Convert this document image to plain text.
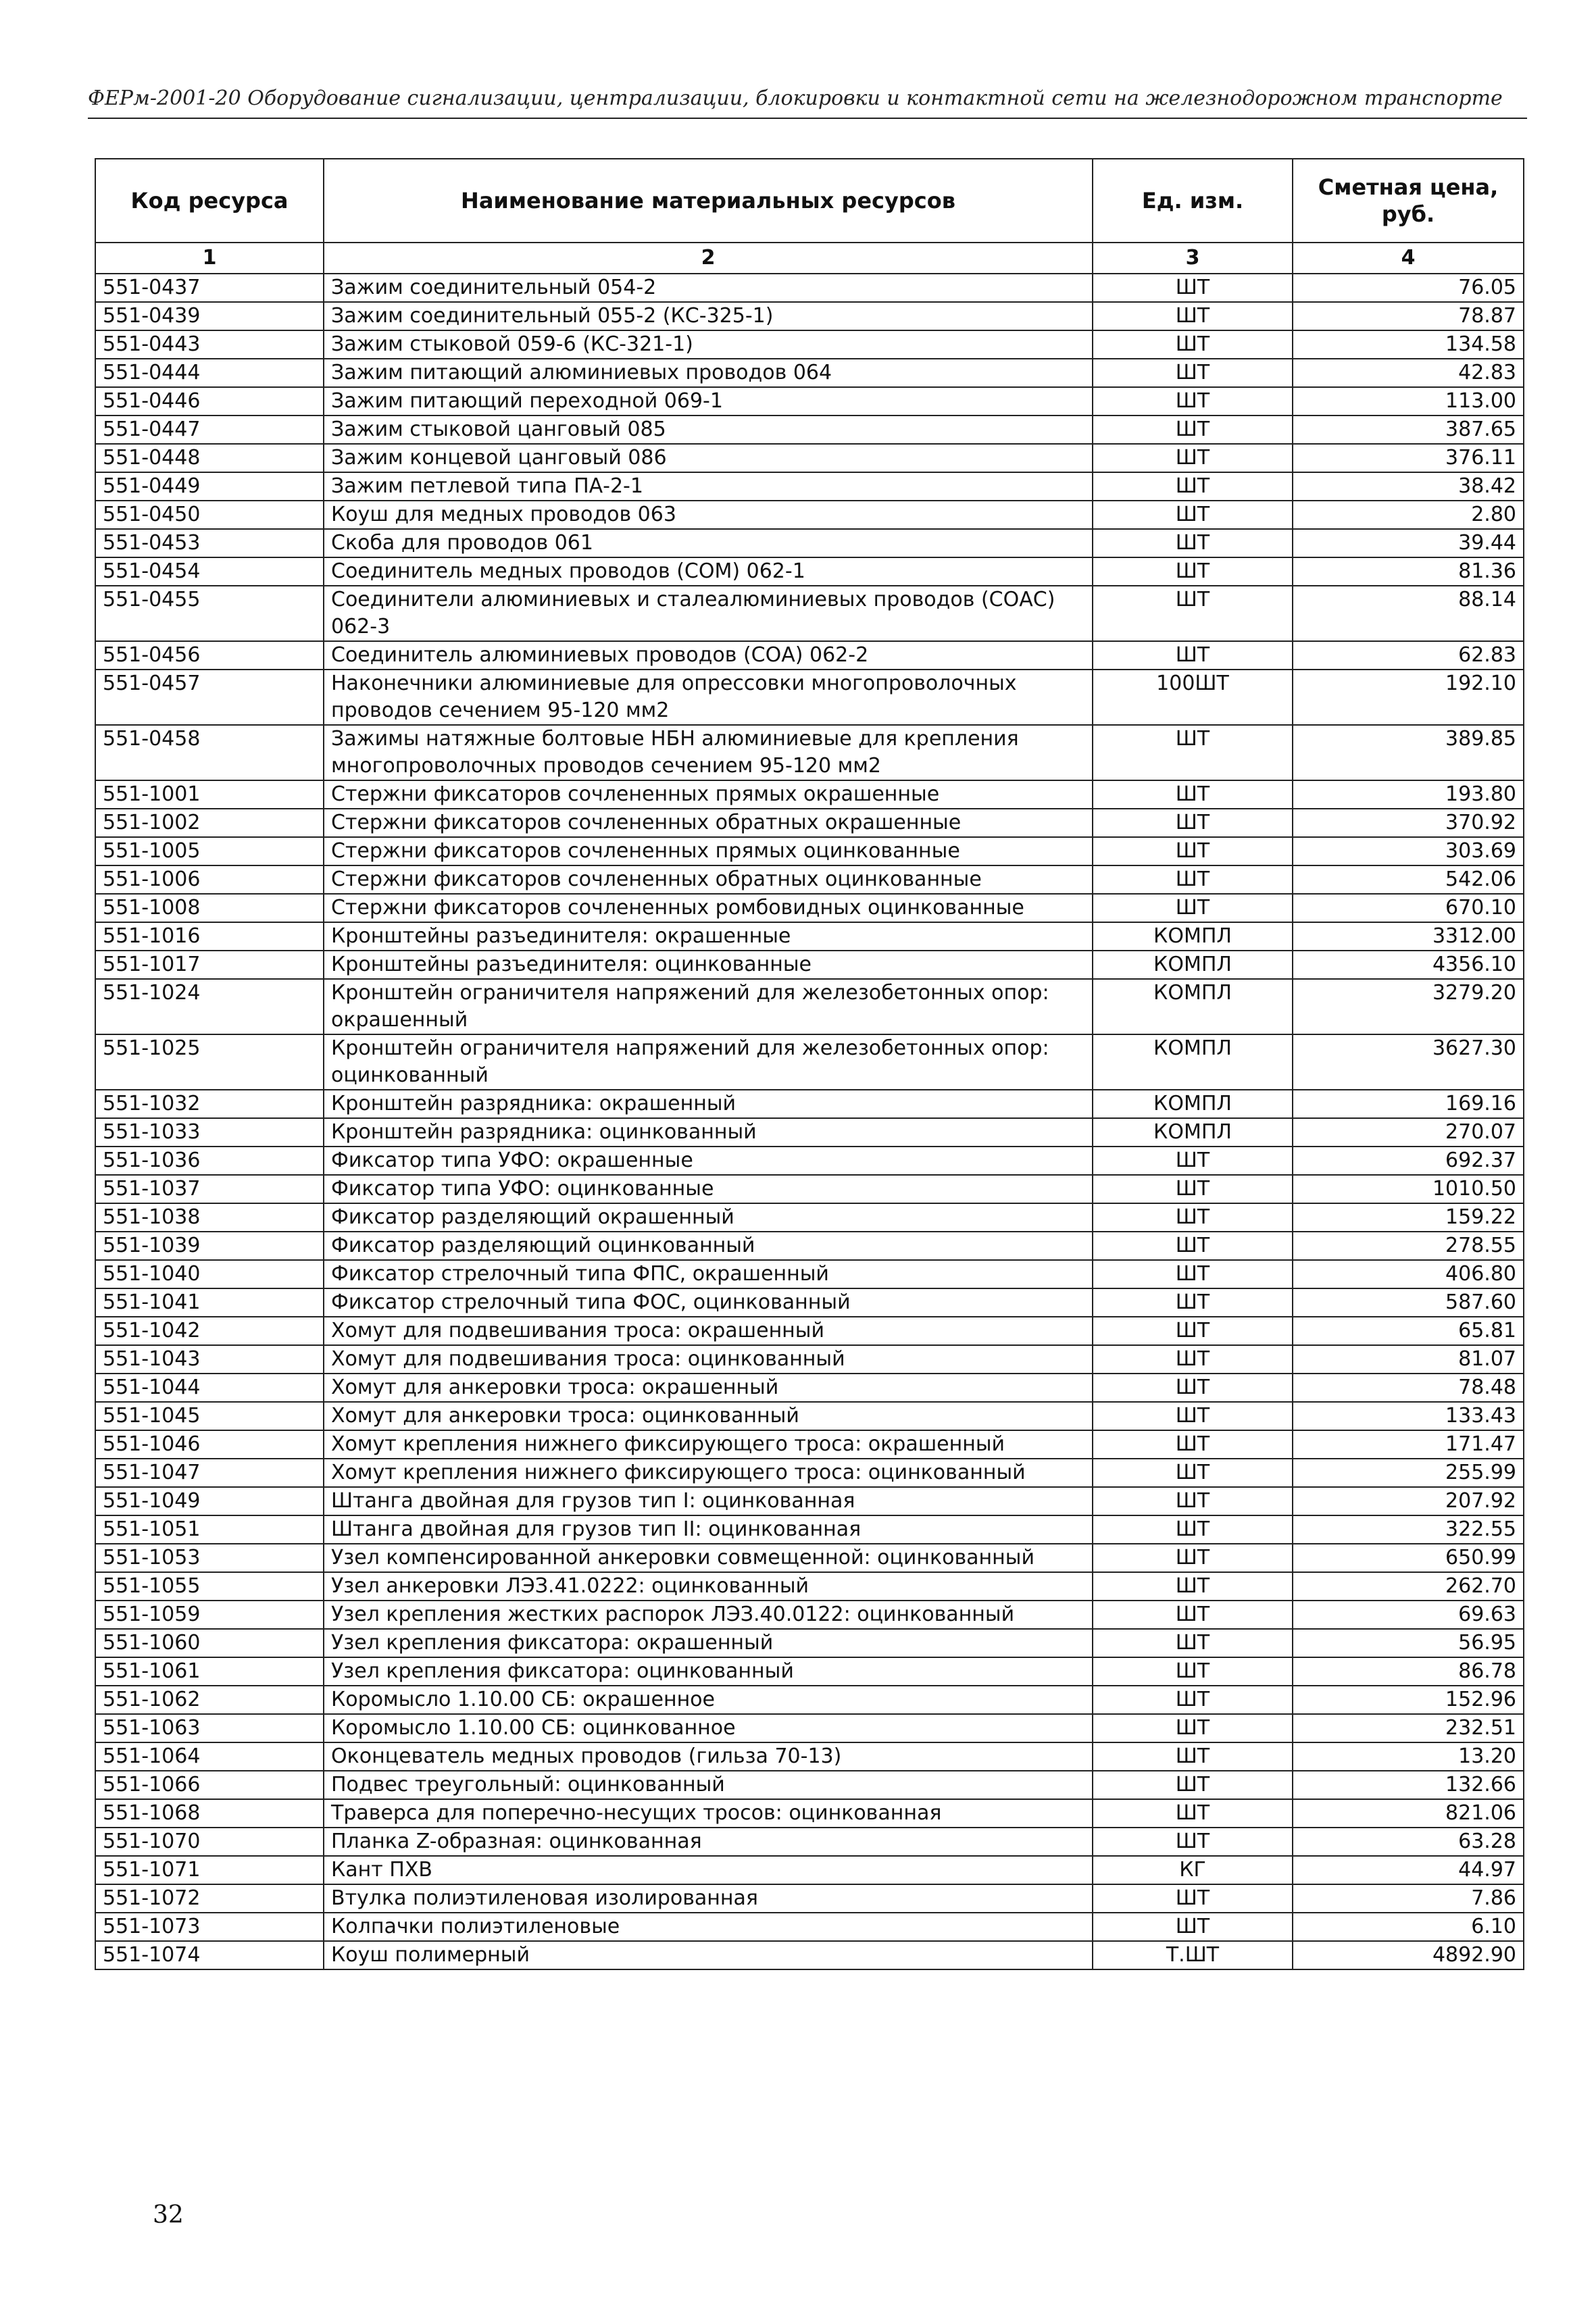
ФЕРм-2001-20 Оборудование сигнализации, централизации, блокировки и контактной сети на железнодорожном транспорте
Код ресурса	Наименование материальных ресурсов	Ед. изм.	Сметная цена, руб.
1	2	3	4
551-0437	Зажим соединительный 054-2	ШТ	76.05
551-0439	Зажим соединительный 055-2 (КС-325-1)	ШТ	78.87
551-0443	Зажим стыковой 059-6 (КС-321-1)	ШТ	134.58
551-0444	Зажим питающий алюминиевых проводов 064	ШТ	42.83
551-0446	Зажим питающий переходной 069-1	ШТ	113.00
551-0447	Зажим стыковой цанговый 085	ШТ	387.65
551-0448	Зажим концевой цанговый 086	ШТ	376.11
551-0449	Зажим петлевой типа ПА-2-1	ШТ	38.42
551-0450	Коуш для медных проводов 063	ШТ	2.80
551-0453	Скоба для проводов 061	ШТ	39.44
551-0454	Соединитель медных проводов (СОМ) 062-1	ШТ	81.36
551-0455	Соединители алюминиевых и сталеалюминиевых проводов (СОАС) 062-3	ШТ	88.14
551-0456	Соединитель алюминиевых проводов (СОА) 062-2	ШТ	62.83
551-0457	Наконечники алюминиевые для опрессовки многопроволочных проводов сечением 95-120 мм2	100ШТ	192.10
551-0458	Зажимы натяжные болтовые НБН алюминиевые для крепления многопроволочных проводов сечением 95-120 мм2	ШТ	389.85
551-1001	Стержни фиксаторов сочлененных прямых окрашенные	ШТ	193.80
551-1002	Стержни фиксаторов сочлененных обратных окрашенные	ШТ	370.92
551-1005	Стержни фиксаторов сочлененных прямых оцинкованные	ШТ	303.69
551-1006	Стержни фиксаторов сочлененных обратных оцинкованные	ШТ	542.06
551-1008	Стержни фиксаторов сочлененных ромбовидных оцинкованные	ШТ	670.10
551-1016	Кронштейны разъединителя: окрашенные	КОМПЛ	3312.00
551-1017	Кронштейны разъединителя: оцинкованные	КОМПЛ	4356.10
551-1024	Кронштейн ограничителя напряжений для железобетонных опор: окрашенный	КОМПЛ	3279.20
551-1025	Кронштейн ограничителя напряжений для железобетонных опор: оцинкованный	КОМПЛ	3627.30
551-1032	Кронштейн разрядника: окрашенный	КОМПЛ	169.16
551-1033	Кронштейн разрядника: оцинкованный	КОМПЛ	270.07
551-1036	Фиксатор типа УФО: окрашенные	ШТ	692.37
551-1037	Фиксатор типа УФО: оцинкованные	ШТ	1010.50
551-1038	Фиксатор разделяющий окрашенный	ШТ	159.22
551-1039	Фиксатор разделяющий оцинкованный	ШТ	278.55
551-1040	Фиксатор стрелочный типа ФПС, окрашенный	ШТ	406.80
551-1041	Фиксатор стрелочный типа ФОС, оцинкованный	ШТ	587.60
551-1042	Хомут для подвешивания троса: окрашенный	ШТ	65.81
551-1043	Хомут для подвешивания троса: оцинкованный	ШТ	81.07
551-1044	Хомут для анкеровки троса: окрашенный	ШТ	78.48
551-1045	Хомут для анкеровки троса: оцинкованный	ШТ	133.43
551-1046	Хомут крепления нижнего фиксирующего троса: окрашенный	ШТ	171.47
551-1047	Хомут крепления нижнего фиксирующего троса: оцинкованный	ШТ	255.99
551-1049	Штанга двойная для грузов тип I: оцинкованная	ШТ	207.92
551-1051	Штанга двойная для грузов тип II: оцинкованная	ШТ	322.55
551-1053	Узел компенсированной анкеровки совмещенной: оцинкованный	ШТ	650.99
551-1055	Узел анкеровки ЛЭЗ.41.0222: оцинкованный	ШТ	262.70
551-1059	Узел крепления жестких распорок ЛЭЗ.40.0122: оцинкованный	ШТ	69.63
551-1060	Узел крепления фиксатора: окрашенный	ШТ	56.95
551-1061	Узел крепления фиксатора: оцинкованный	ШТ	86.78
551-1062	Коромысло 1.10.00 СБ: окрашенное	ШТ	152.96
551-1063	Коромысло 1.10.00 СБ: оцинкованное	ШТ	232.51
551-1064	Оконцеватель медных проводов (гильза 70-13)	ШТ	13.20
551-1066	Подвес треугольный: оцинкованный	ШТ	132.66
551-1068	Траверса для поперечно-несущих тросов: оцинкованная	ШТ	821.06
551-1070	Планка Z-образная: оцинкованная	ШТ	63.28
551-1071	Кант ПХВ	КГ	44.97
551-1072	Втулка полиэтиленовая изолированная	ШТ	7.86
551-1073	Колпачки полиэтиленовые	ШТ	6.10
551-1074	Коуш полимерный	Т.ШТ	4892.90
32
